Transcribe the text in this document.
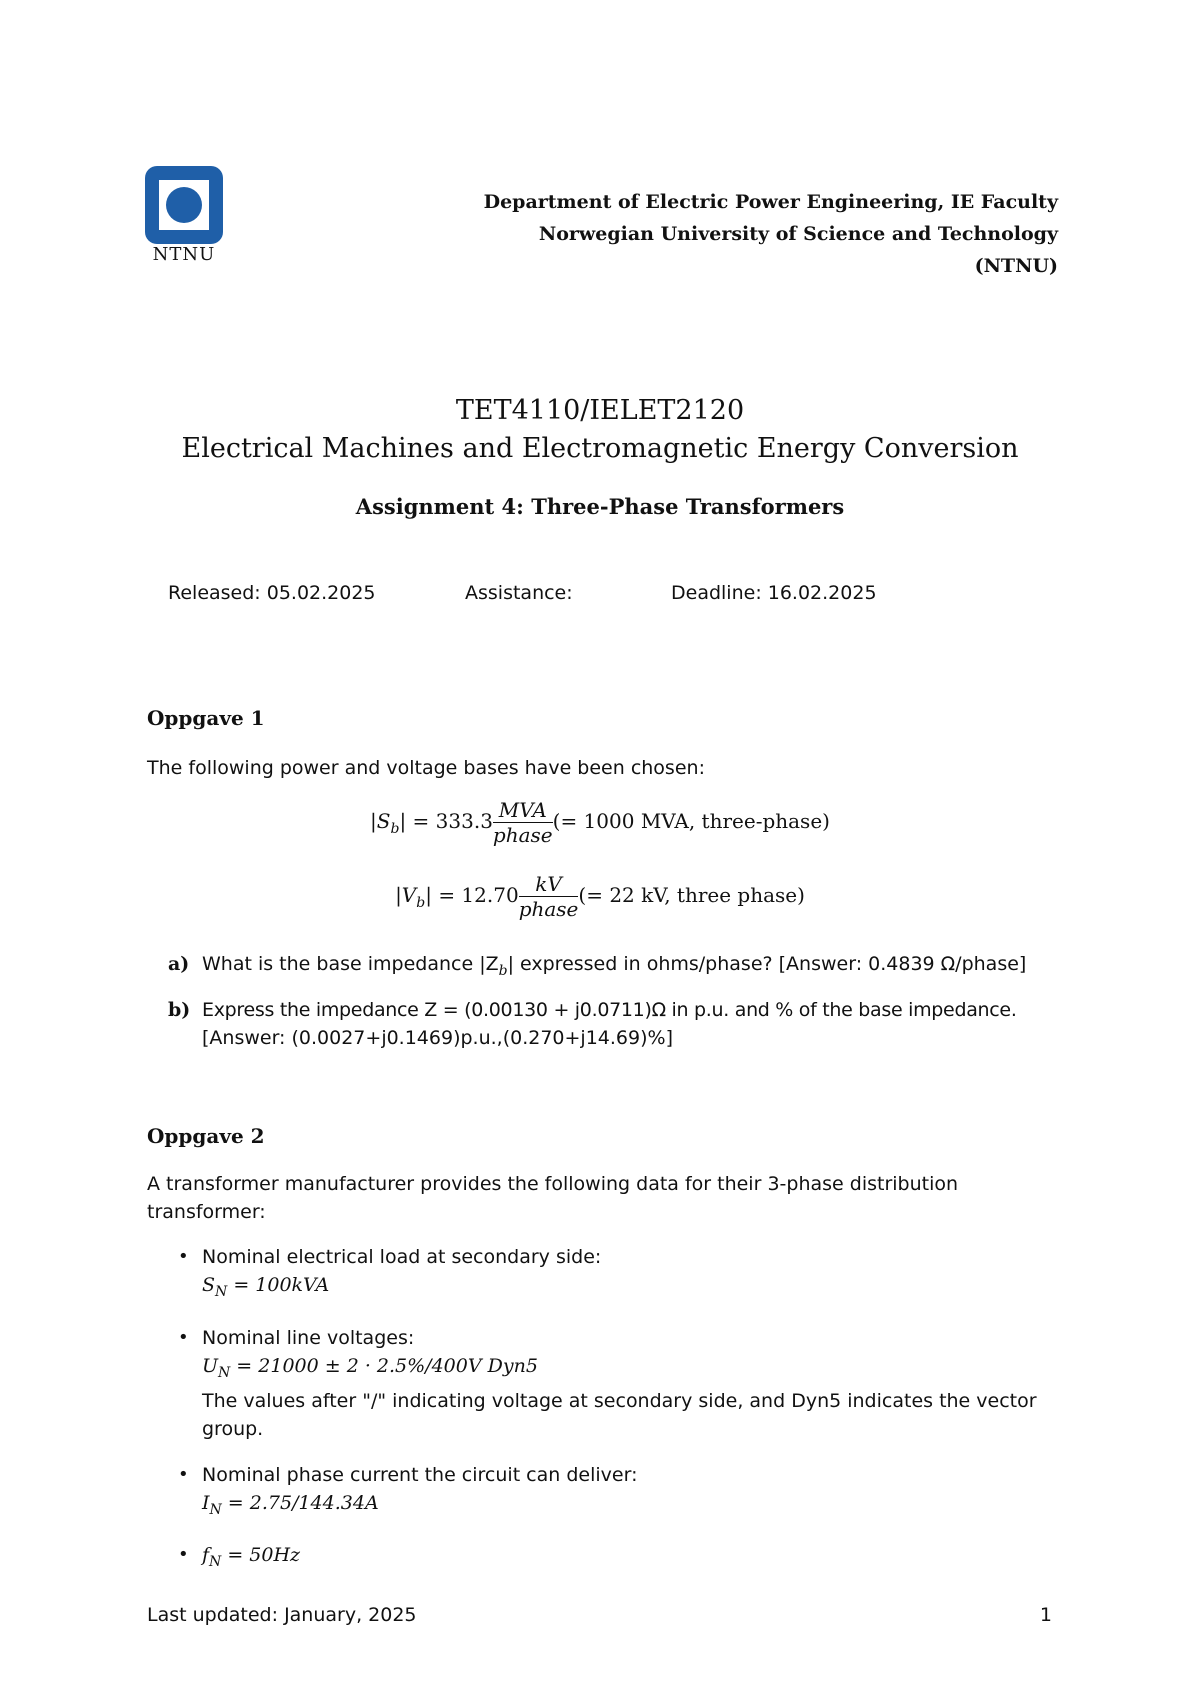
NTNU
Department of Electric Power Engineering, IE Faculty
Norwegian University of Science and Technology
(NTNU)
TET4110/IELET2120
Electrical Machines and Electromagnetic Energy Conversion
Assignment 4: Three-Phase Transformers
Released: 05.02.2025	Assistance:	Deadline: 16.02.2025
Oppgave 1
The following power and voltage bases have been chosen:
$|S_b| = 333.3 \frac{\text{MVA}}{\text{phase}}$ (= 1000 MVA, three-phase)
$|V_b| = 12.70 \frac{kV}{\text{phase}}$ (= 22 kV, three phase)
a) What is the base impedance $|Z_b|$ expressed in ohms/phase? [Answer: 0.4839 Ω/phase]
b) Express the impedance Z = (0.00130 + j0.0711)Ω in p.u. and % of the base impedance.
[Answer: (0.0027+j0.1469)p.u.,(0.270+j14.69)%]
Oppgave 2
A transformer manufacturer provides the following data for their 3-phase distribution transformer:
• Nominal electrical load at secondary side:
$S_N = 100kVA$
• Nominal line voltages:
$U_N = 21000 \pm 2 \cdot 2.5\%/400V$ Dyn5
The values after "/" indicating voltage at secondary side, and Dyn5 indicates the vector group.
• Nominal phase current the circuit can deliver:
$I_N = 2.75/144.34A$
• $f_N = 50Hz$
Last updated: January, 2025	1
